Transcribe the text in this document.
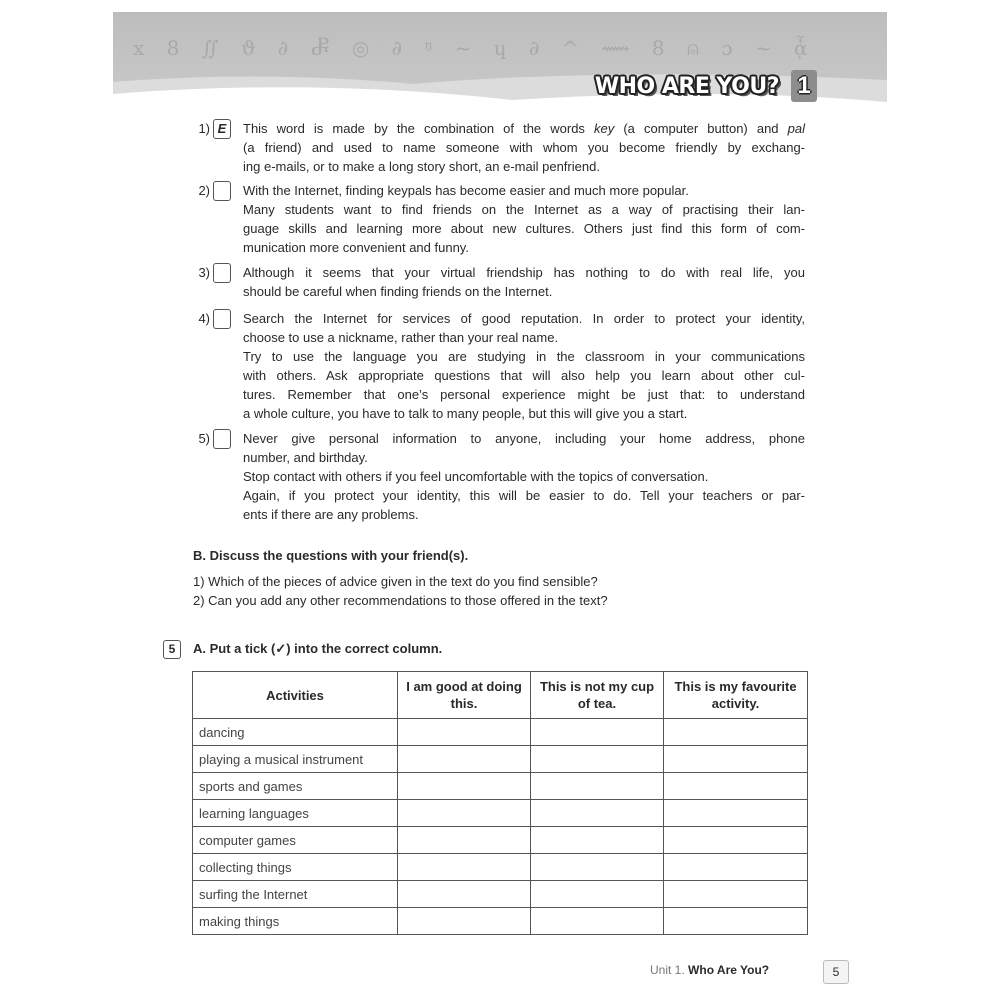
x 8 ∬ ϑ ∂ Ⴥ ◎ ∂ ᵑ ~ ɥ ∂ ^ ⟿ 8 ⍝ ɔ ~ ᾇ
WHO ARE YOU? 1
1) E	This word is made by the combination of the words key (a computer button) and pal
(a friend) and used to name someone with whom you become friendly by exchang-
ing e-mails, or to make a long story short, an e-mail penfriend.
2)	With the Internet, finding keypals has become easier and much more popular.
Many students want to find friends on the Internet as a way of practising their lan-
guage skills and learning more about new cultures. Others just find this form of com-
munication more convenient and funny.
3)	Although it seems that your virtual friendship has nothing to do with real life, you
should be careful when finding friends on the Internet.
4)	Search the Internet for services of good reputation. In order to protect your identity,
choose to use a nickname, rather than your real name.
Try to use the language you are studying in the classroom in your communications
with others. Ask appropriate questions that will also help you learn about other cul-
tures. Remember that one’s personal experience might be just that: to understand
a whole culture, you have to talk to many people, but this will give you a start.
5)	Never give personal information to anyone, including your home address, phone
number, and birthday.
Stop contact with others if you feel uncomfortable with the topics of conversation.
Again, if you protect your identity, this will be easier to do. Tell your teachers or par-
ents if there are any problems.
B. Discuss the questions with your friend(s).
1) Which of the pieces of advice given in the text do you find sensible?
2) Can you add any other recommendations to those offered in the text?
5	A. Put a tick (✓) into the correct column.
Activities	I am good at doing this.	This is not my cup of tea.	This is my favourite activity.
dancing			
playing a musical instrument			
sports and games			
learning languages			
computer games			
collecting things			
surfing the Internet			
making things			
Unit 1. Who Are You?	5
